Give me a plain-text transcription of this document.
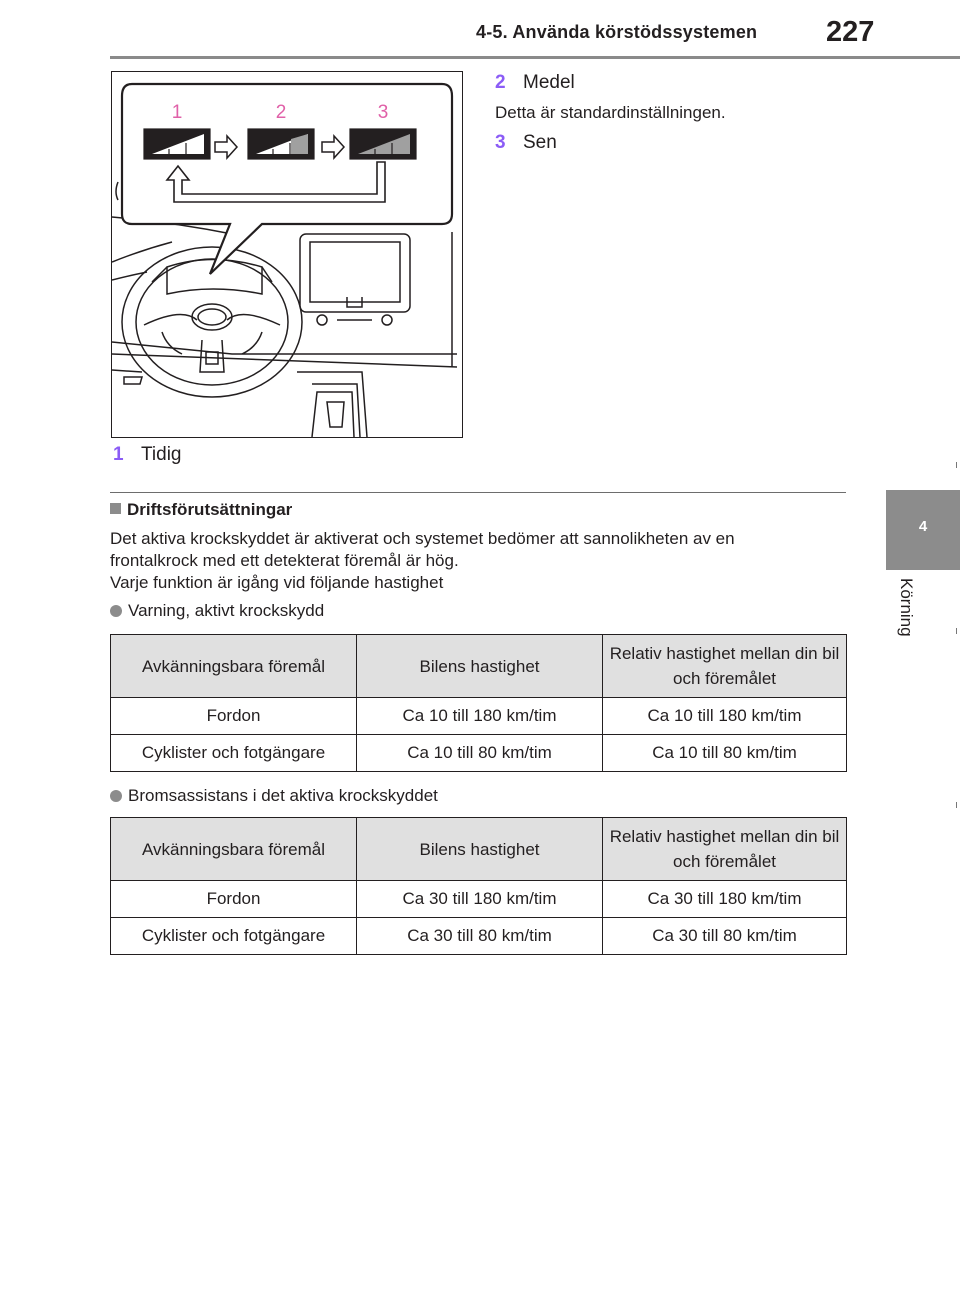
4-5. Använda körstödssystemen 227
4
Körning
1	2	3
2 Medel
Detta är standardinställningen.
3 Sen
1 Tidig
Driftsförutsättningar

Det aktiva krockskyddet är aktiverat och systemet bedömer att sannolikheten av en

frontalkrock med ett detekterat föremål är hög.

Varje funktion är igång vid följande hastighet

Varning, aktivt krockskydd
Avkänningsbara föremål	Bilens hastighet	Relativ hastighet mellan din bil och föremålet
Fordon	Ca 10 till 180 km/tim	Ca 10 till 180 km/tim
Cyklister och fotgängare	Ca 10 till 80 km/tim	Ca 10 till 80 km/tim
Bromsassistans i det aktiva krockskyddet
Avkänningsbara föremål	Bilens hastighet	Relativ hastighet mellan din bil och föremålet
Fordon	Ca 30 till 180 km/tim	Ca 30 till 180 km/tim
Cyklister och fotgängare	Ca 30 till 80 km/tim	Ca 30 till 80 km/tim
